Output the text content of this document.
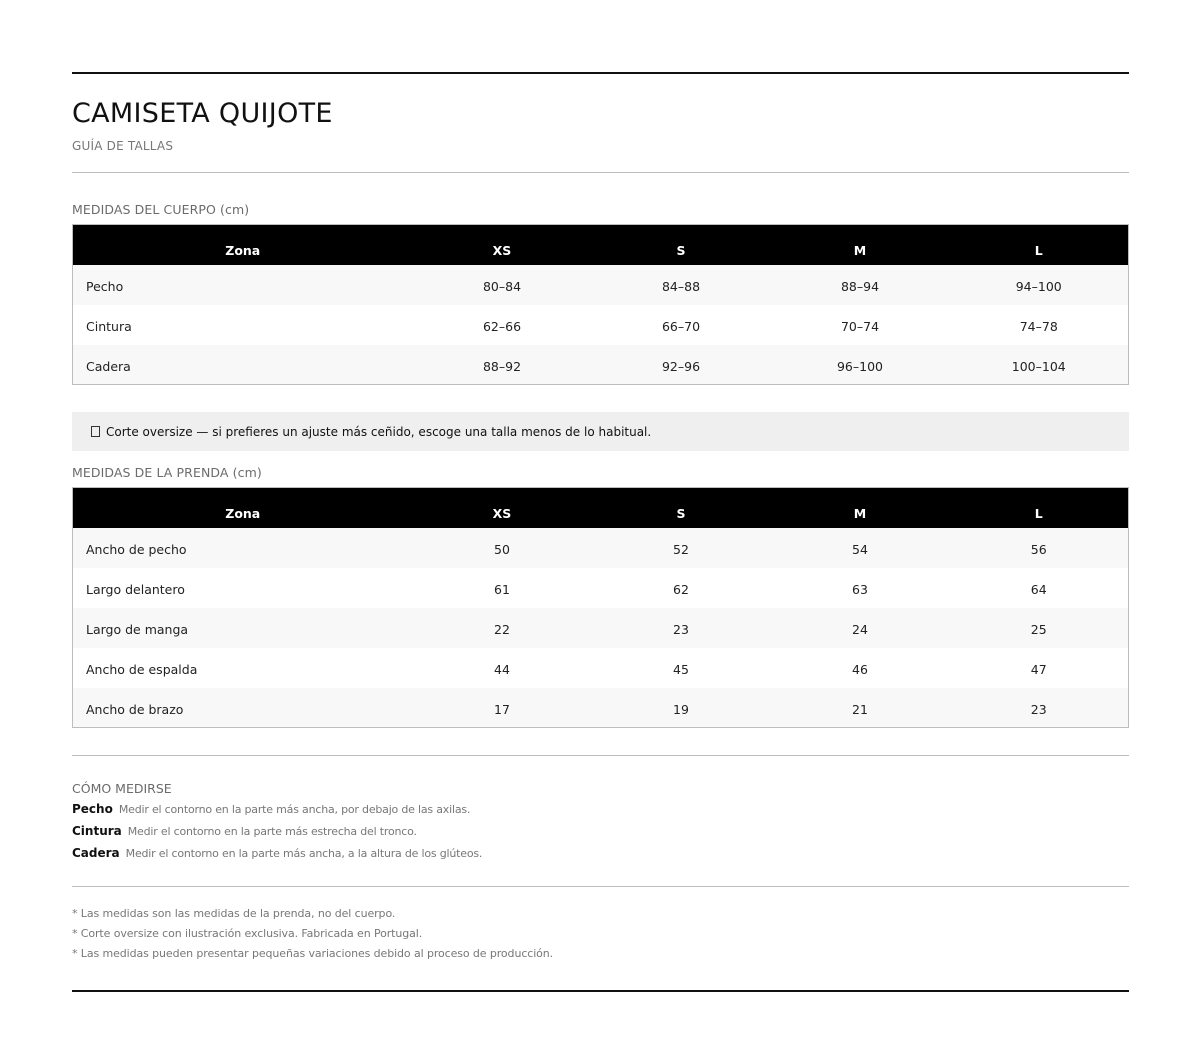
CAMISETA QUIJOTE
GUÍA DE TALLAS
MEDIDAS DEL CUERPO (cm)
Zona	XS	S	M	L
Pecho	80–84	84–88	88–94	94–100
Cintura	62–66	66–70	70–74	74–78
Cadera	88–92	92–96	96–100	100–104
Corte oversize — si prefieres un ajuste más ceñido, escoge una talla menos de lo habitual.
MEDIDAS DE LA PRENDA (cm)
Zona	XS	S	M	L
Ancho de pecho	50	52	54	56
Largo delantero	61	62	63	64
Largo de manga	22	23	24	25
Ancho de espalda	44	45	46	47
Ancho de brazo	17	19	21	23
CÓMO MEDIRSE
Pecho Medir el contorno en la parte más ancha, por debajo de las axilas.
Cintura Medir el contorno en la parte más estrecha del tronco.
Cadera Medir el contorno en la parte más ancha, a la altura de los glúteos.
* Las medidas son las medidas de la prenda, no del cuerpo.
* Corte oversize con ilustración exclusiva. Fabricada en Portugal.
* Las medidas pueden presentar pequeñas variaciones debido al proceso de producción.
